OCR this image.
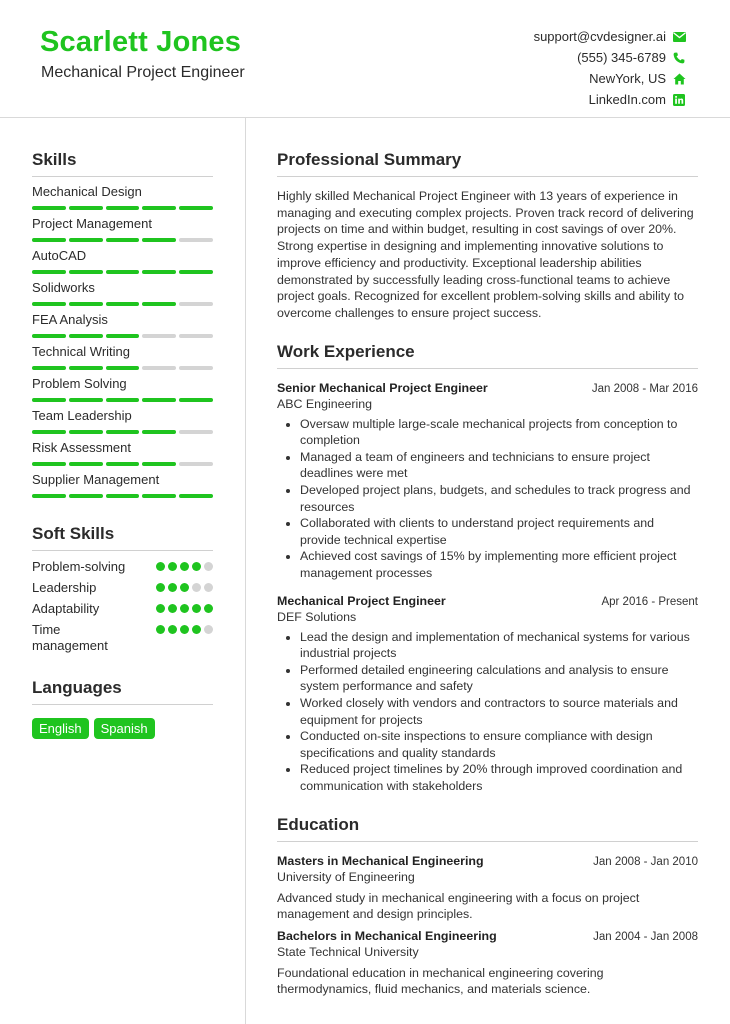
Scarlett Jones
Mechanical Project Engineer
support@cvdesigner.ai
(555) 345-6789
NewYork, US
LinkedIn.com
Skills
Mechanical Design
Project Management
AutoCAD
Solidworks
FEA Analysis
Technical Writing
Problem Solving
Team Leadership
Risk Assessment
Supplier Management
Soft Skills
Problem-solving
Leadership
Adaptability
Time management
Languages
English	Spanish
Professional Summary
Highly skilled Mechanical Project Engineer with 13 years of experience in managing and executing complex projects. Proven track record of delivering projects on time and within budget, resulting in cost savings of over 20%. Strong expertise in designing and implementing innovative solutions to improve efficiency and productivity. Exceptional leadership abilities demonstrated by successfully leading cross-functional teams to achieve project goals. Recognized for excellent problem-solving skills and ability to overcome challenges to ensure project success.
Work Experience
Senior Mechanical Project Engineer	Jan 2008 - Mar 2016
ABC Engineering
• Oversaw multiple large-scale mechanical projects from conception to completion
• Managed a team of engineers and technicians to ensure project deadlines were met
• Developed project plans, budgets, and schedules to track progress and resources
• Collaborated with clients to understand project requirements and provide technical expertise
• Achieved cost savings of 15% by implementing more efficient project management processes
Mechanical Project Engineer	Apr 2016 - Present
DEF Solutions
• Lead the design and implementation of mechanical systems for various industrial projects
• Performed detailed engineering calculations and analysis to ensure system performance and safety
• Worked closely with vendors and contractors to source materials and equipment for projects
• Conducted on-site inspections to ensure compliance with design specifications and quality standards
• Reduced project timelines by 20% through improved coordination and communication with stakeholders
Education
Masters in Mechanical Engineering	Jan 2008 - Jan 2010
University of Engineering
Advanced study in mechanical engineering with a focus on project management and design principles.
Bachelors in Mechanical Engineering	Jan 2004 - Jan 2008
State Technical University
Foundational education in mechanical engineering covering thermodynamics, fluid mechanics, and materials science.
